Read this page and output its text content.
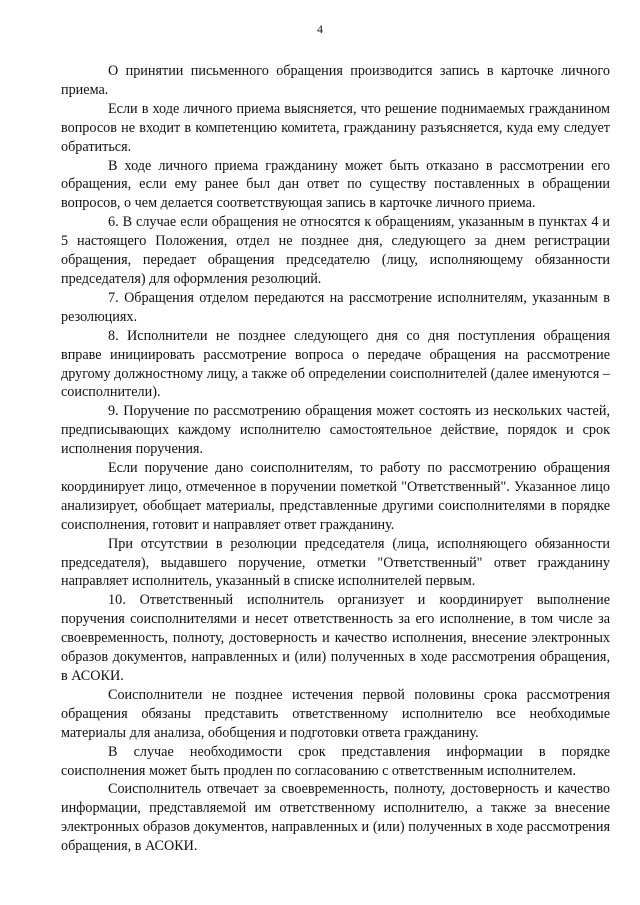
4

О принятии письменного обращения производится запись в карточке личного приема.

Если в ходе личного приема выясняется, что решение поднимаемых гражданином вопросов не входит в компетенцию комитета, гражданину разъясняется, куда ему следует обратиться.

В ходе личного приема гражданину может быть отказано в рассмотрении его обращения, если ему ранее был дан ответ по существу поставленных в обращении вопросов, о чем делается соответствующая запись в карточке личного приема.

6. В случае если обращения не относятся к обращениям, указанным в пунктах 4 и 5 настоящего Положения, отдел не позднее дня, следующего за днем регистрации обращения, передает обращения председателю (лицу, исполняющему обязанности председателя) для оформления резолюций.

7. Обращения отделом передаются на рассмотрение исполнителям, указанным в резолюциях.

8. Исполнители не позднее следующего дня со дня поступления обращения вправе инициировать рассмотрение вопроса о передаче обращения на рассмотрение другому должностному лицу, а также об определении соисполнителей (далее именуются – соисполнители).

9. Поручение по рассмотрению обращения может состоять из нескольких частей, предписывающих каждому исполнителю самостоятельное действие, порядок и срок исполнения поручения.

Если поручение дано соисполнителям, то работу по рассмотрению обращения координирует лицо, отмеченное в поручении пометкой "Ответственный". Указанное лицо анализирует, обобщает материалы, представленные другими соисполнителями в порядке соисполнения, готовит и направляет ответ гражданину.

При отсутствии в резолюции председателя (лица, исполняющего обязанности председателя), выдавшего поручение, отметки "Ответственный" ответ гражданину направляет исполнитель, указанный в списке исполнителей первым.

10. Ответственный исполнитель организует и координирует выполнение поручения соисполнителями и несет ответственность за его исполнение, в том числе за своевременность, полноту, достоверность и качество исполнения, внесение электронных образов документов, направленных и (или) полученных в ходе рассмотрения обращения, в АСОКИ.

Соисполнители не позднее истечения первой половины срока рассмотрения обращения обязаны представить ответственному исполнителю все необходимые материалы для анализа, обобщения и подготовки ответа гражданину.

В случае необходимости срок представления информации в порядке соисполнения может быть продлен по согласованию с ответственным исполнителем.

Соисполнитель отвечает за своевременность, полноту, достоверность и качество информации, представляемой им ответственному исполнителю, а также за внесение электронных образов документов, направленных и (или) полученных в ходе рассмотрения обращения, в АСОКИ.
